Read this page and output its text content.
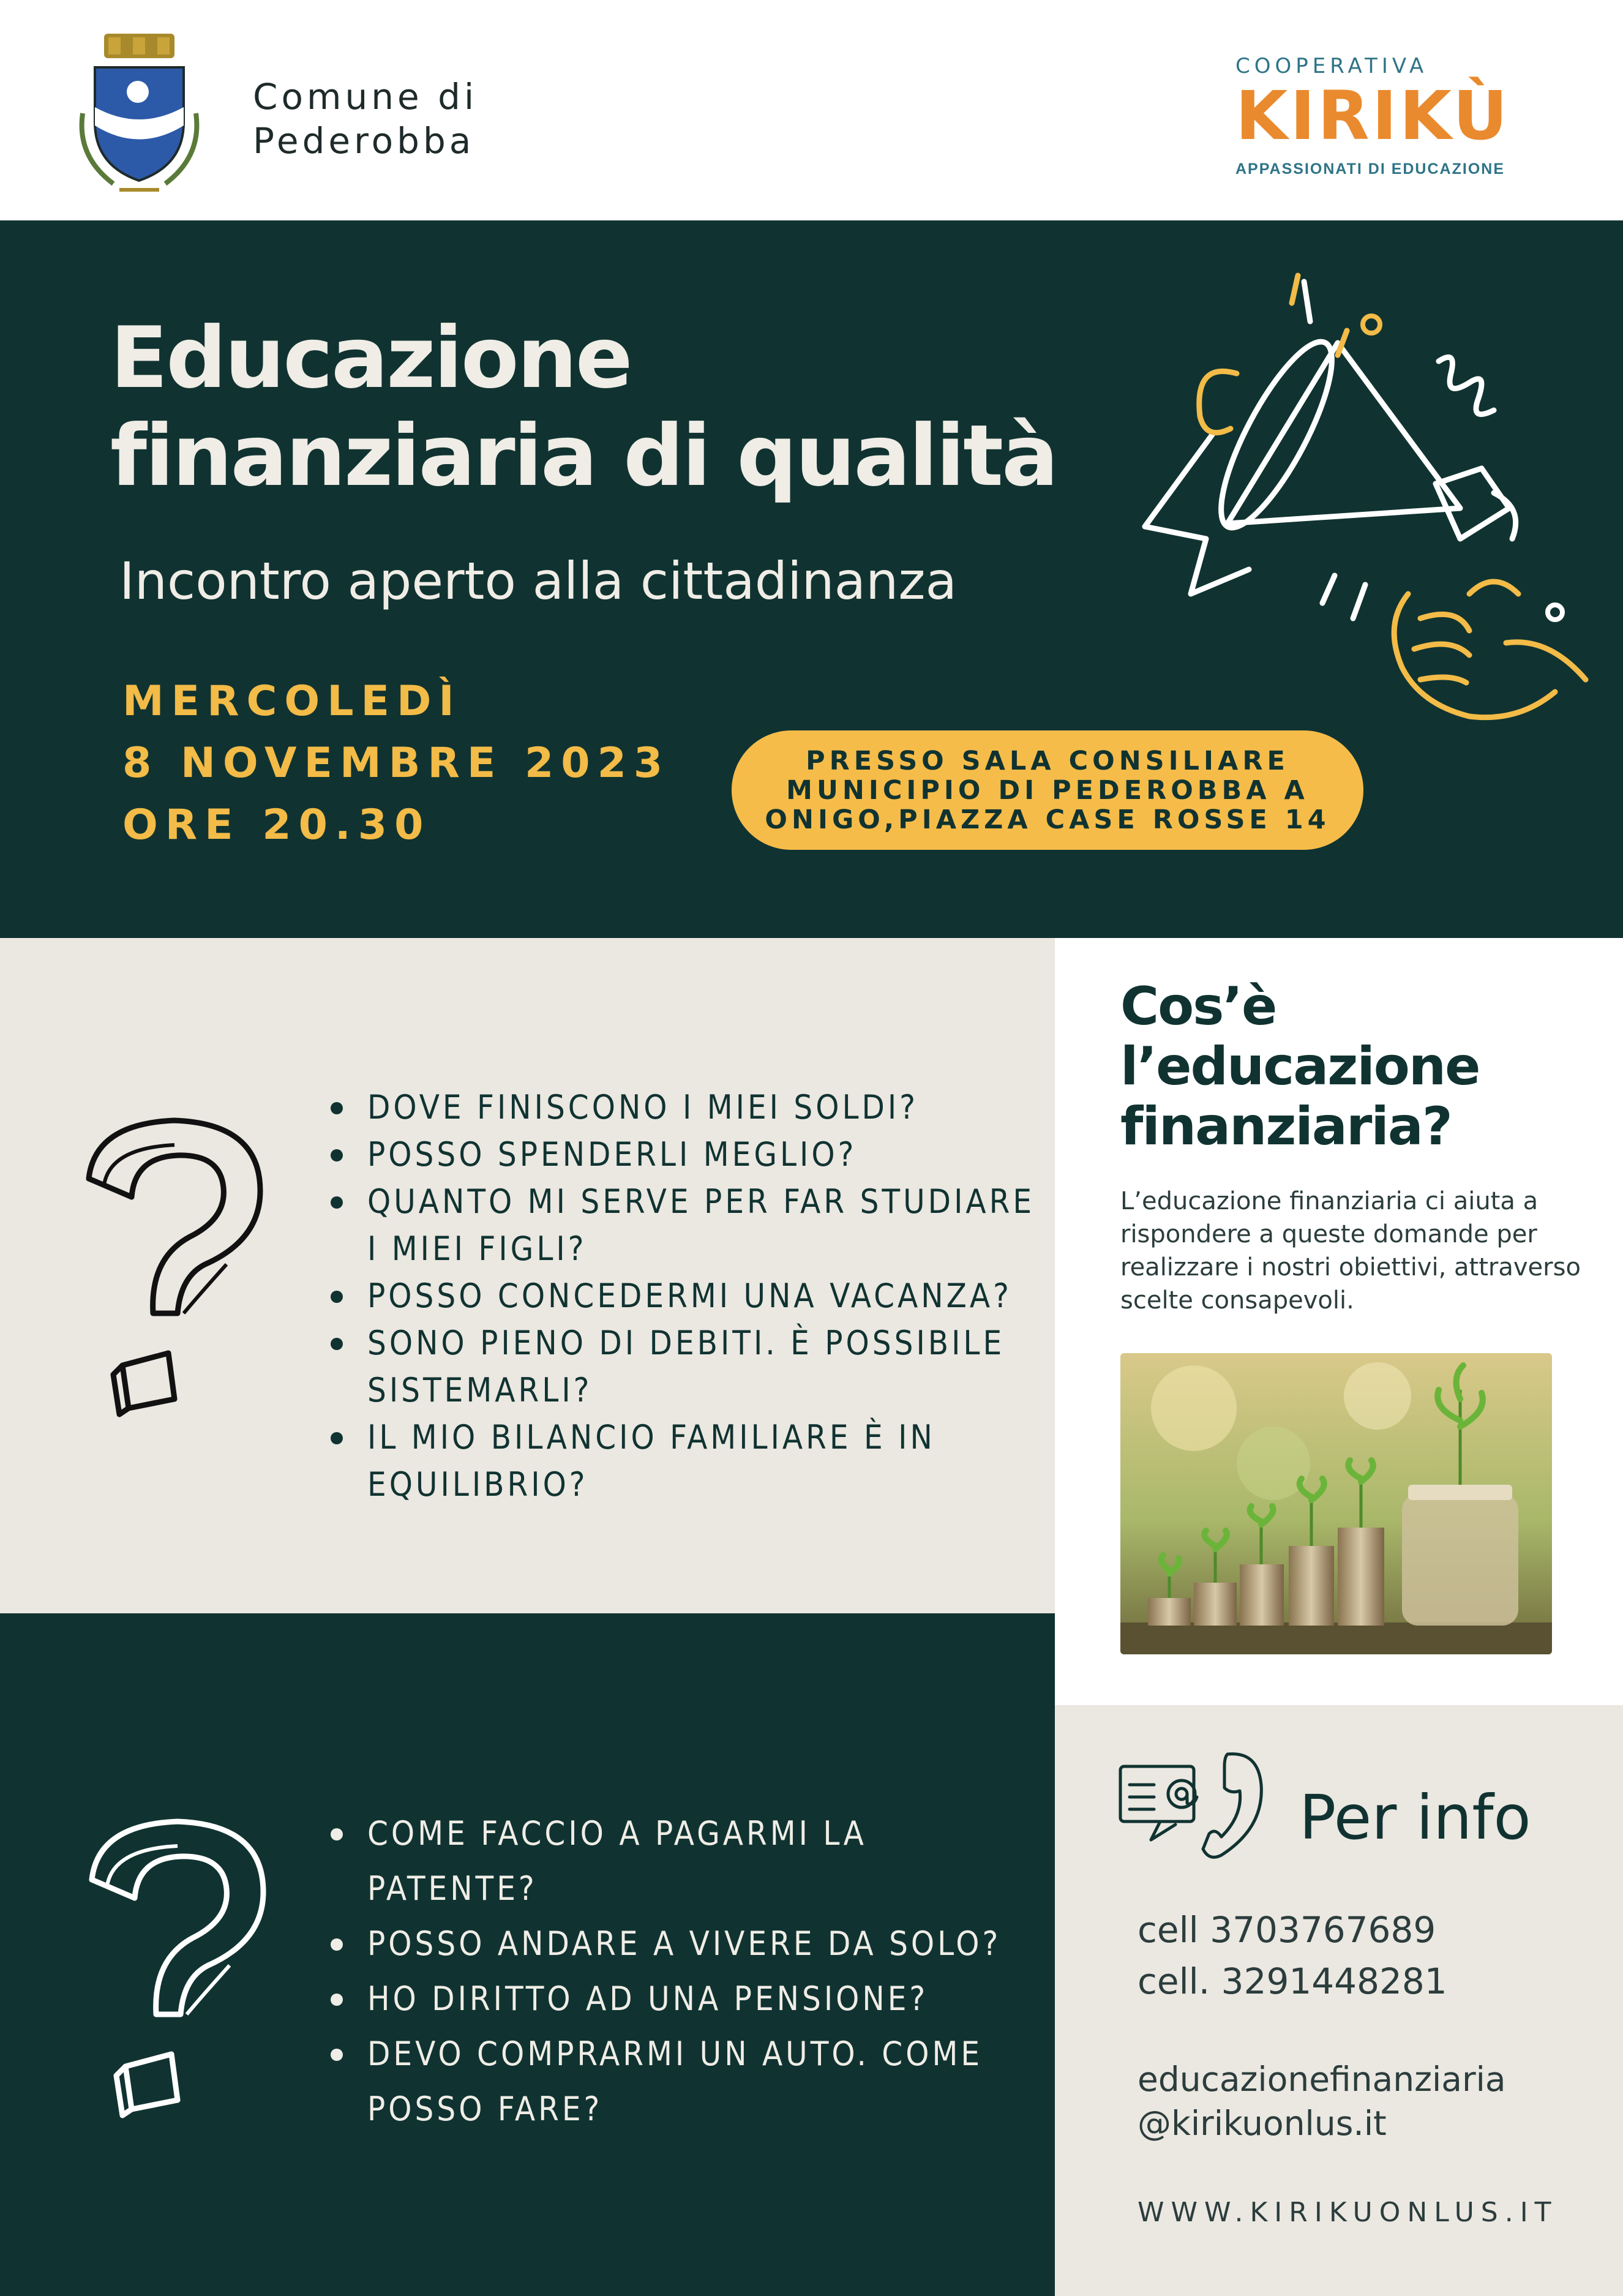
Comune di
Pederobba
COOPERATIVA
KIRIKÙ
APPASSIONATI DI EDUCAZIONE
Educazione finanziaria di qualità
Incontro aperto alla cittadinanza
MERCOLEDÌ
8 NOVEMBRE 2023
ORE 20.30
PRESSO SALA CONSILIARE MUNICIPIO DI PEDEROBBA A ONIGO,PIAZZA CASE ROSSE 14
DOVE FINISCONO I MIEI SOLDI?
POSSO SPENDERLI MEGLIO?
QUANTO MI SERVE PER FAR STUDIARE I MIEI FIGLI?
POSSO CONCEDERMI UNA VACANZA?
SONO PIENO DI DEBITI. È POSSIBILE SISTEMARLI?
IL MIO BILANCIO FAMILIARE È IN EQUILIBRIO?
Cos’è l’educazione finanziaria?
L’educazione finanziaria ci aiuta a rispondere a queste domande per realizzare i nostri obiettivi, attraverso scelte consapevoli.
COME FACCIO A PAGARMI LA PATENTE?
POSSO ANDARE A VIVERE DA SOLO?
HO DIRITTO AD UNA PENSIONE?
DEVO COMPRARMI UN AUTO. COME POSSO FARE?
Per info
cell 3703767689
cell. 3291448281
educazionefinanziaria
@kirikuonlus.it
WWW.KIRIKUONLUS.IT
